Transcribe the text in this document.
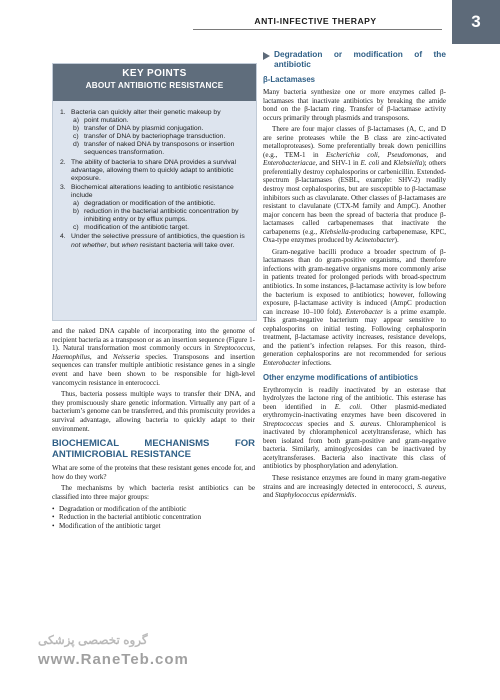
ANTI-INFECTIVE THERAPY	3
KEY POINTS
ABOUT ANTIBIOTIC RESISTANCE
1. Bacteria can quickly alter their genetic makeup by
a) point mutation.
b) transfer of DNA by plasmid conjugation.
c) transfer of DNA by bacteriophage transduction.
d) transfer of naked DNA by transposons or insertion sequences transformation.
2. The ability of bacteria to share DNA provides a survival advantage, allowing them to quickly adapt to antibiotic exposure.
3. Biochemical alterations leading to antibiotic resistance include
a) degradation or modification of the antibiotic.
b) reduction in the bacterial antibiotic concentration by inhibiting entry or by efflux pumps.
c) modification of the antibiotic target.
4. Under the selective pressure of antibiotics, the question is not whether, but when resistant bacteria will take over.

and the naked DNA capable of incorporating into the genome of recipient bacteria as a transposon or as an insertion sequence (Figure 1-1). Natural transformation most commonly occurs in Streptococcus, Haemophilus, and Neisseria species. Transposons and insertion sequences can transfer multiple antibiotic resistance genes in a single event and have been shown to be responsible for high-level vancomycin resistance in enterococci.

Thus, bacteria possess multiple ways to transfer their DNA, and they promiscuously share genetic information. Virtually any part of a bacterium’s genome can be transferred, and this promiscuity provides a survival advantage, allowing bacteria to quickly adapt to their environment.

BIOCHEMICAL MECHANISMS FOR ANTIMICROBIAL RESISTANCE

What are some of the proteins that these resistant genes encode for, and how do they work?

The mechanisms by which bacteria resist antibiotics can be classified into three major groups:

• Degradation or modification of the antibiotic
• Reduction in the bacterial antibiotic concentration
• Modification of the antibiotic target
Degradation or modification of the antibiotic
β-Lactamases

Many bacteria synthesize one or more enzymes called β-lactamases that inactivate antibiotics by breaking the amide bond on the β-lactam ring. Transfer of β-lactamase activity occurs primarily through plasmids and transposons.

There are four major classes of β-lactamases (A, C, and D are serine proteases while the B class are zinc-activated metalloproteases). Some preferentially break down penicillins (e.g., TEM-1 in Escherichia coli, Pseudomonas, and Enterobacteriacae, and SHV-1 in E. coli and Klebsiella); others preferentially destroy cephalosporins or carbenicillin. Extended-spectrum β-lactamases (ESBL, example: SHV-2) readily destroy most cephalosporins, but are susceptible to β-lactamase inhibitors such as clavulanate. Other classes of β-lactamases are resistant to clavulanate (CTX-M family and AmpC). Another major concern has been the spread of bacteria that produce β-lactamases called carbapenemases that inactivate the carbapenems (e.g., Klebsiella-producing carbapenemase, KPC, Oxa-type enzymes produced by Acinetobacter).

Gram-negative bacilli produce a broader spectrum of β-lactamases than do gram-positive organisms, and therefore infections with gram-negative organisms more commonly arise in patients treated for prolonged periods with broad-spectrum antibiotics. In some instances, β-lactamase activity is low before the bacterium is exposed to antibiotics; however, following exposure, β-lactamase activity is induced (AmpC production can increase 10–100 fold). Enterobacter is a prime example. This gram-negative bacterium may appear sensitive to cephalosporins on initial testing. Following cephalosporin treatment, β-lactamase activity increases, resistance develops, and the patient’s infection relapses. For this reason, third-generation cephalosporins are not recommended for serious Enterobacter infections.

Other enzyme modifications of antibiotics

Erythromycin is readily inactivated by an esterase that hydrolyzes the lactone ring of the antibiotic. This esterase has been identified in E. coli. Other plasmid-mediated erythromycin-inactivating enzymes have been discovered in Streptococcus species and S. aureus. Chloramphenicol is inactivated by chloramphenicol acetyltransferase, which has been isolated from both gram-positive and gram-negative bacteria. Similarly, aminoglycosides can be inactivated by acetyltransferases. Bacteria also inactivate this class of antibiotics by phosphorylation and adenylation.

These resistance enzymes are found in many gram-negative strains and are increasingly detected in enterococci, S. aureus, and Staphylococcus epidermidis.

گروه تخصصی پزشکی
www.RaneTeb.com
